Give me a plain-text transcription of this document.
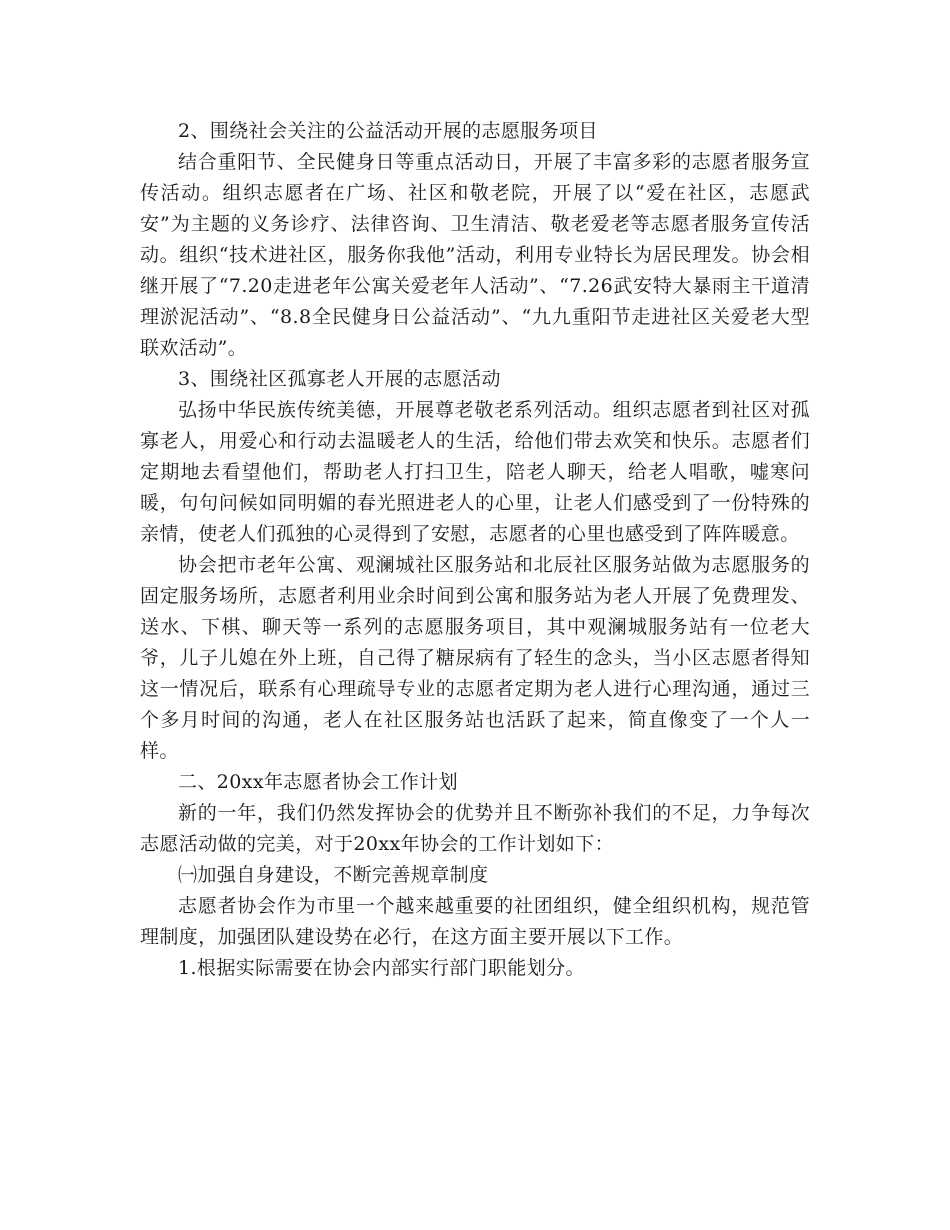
2、围绕社会关注的公益活动开展的志愿服务项目

结合重阳节、全民健身日等重点活动日，开展了丰富多彩的志愿者服务宣传活动。组织志愿者在广场、社区和敬老院，开展了以“爱在社区，志愿武安”为主题的义务诊疗、法律咨询、卫生清洁、敬老爱老等志愿者服务宣传活动。组织“技术进社区，服务你我他”活动，利用专业特长为居民理发。协会相继开展了“7.20走进老年公寓关爱老年人活动”、“7.26武安特大暴雨主干道清理淤泥活动”、“8.8全民健身日公益活动”、“九九重阳节走进社区关爱老大型联欢活动”。

3、围绕社区孤寡老人开展的志愿活动

弘扬中华民族传统美德，开展尊老敬老系列活动。组织志愿者到社区对孤寡老人，用爱心和行动去温暖老人的生活，给他们带去欢笑和快乐。志愿者们定期地去看望他们，帮助老人打扫卫生，陪老人聊天，给老人唱歌，嘘寒问暖，句句问候如同明媚的春光照进老人的心里，让老人们感受到了一份特殊的亲情，使老人们孤独的心灵得到了安慰，志愿者的心里也感受到了阵阵暖意。

协会把市老年公寓、观澜城社区服务站和北辰社区服务站做为志愿服务的固定服务场所，志愿者利用业余时间到公寓和服务站为老人开展了免费理发、送水、下棋、聊天等一系列的志愿服务项目，其中观澜城服务站有一位老大爷，儿子儿媳在外上班，自己得了糖尿病有了轻生的念头，当小区志愿者得知这一情况后，联系有心理疏导专业的志愿者定期为老人进行心理沟通，通过三个多月时间的沟通，老人在社区服务站也活跃了起来，简直像变了一个人一样。

二、20xx年志愿者协会工作计划

新的一年，我们仍然发挥协会的优势并且不断弥补我们的不足，力争每次志愿活动做的完美，对于20xx年协会的工作计划如下：

㈠加强自身建设，不断完善规章制度

志愿者协会作为市里一个越来越重要的社团组织，健全组织机构，规范管理制度，加强团队建设势在必行，在这方面主要开展以下工作。

1.根据实际需要在协会内部实行部门职能划分。
